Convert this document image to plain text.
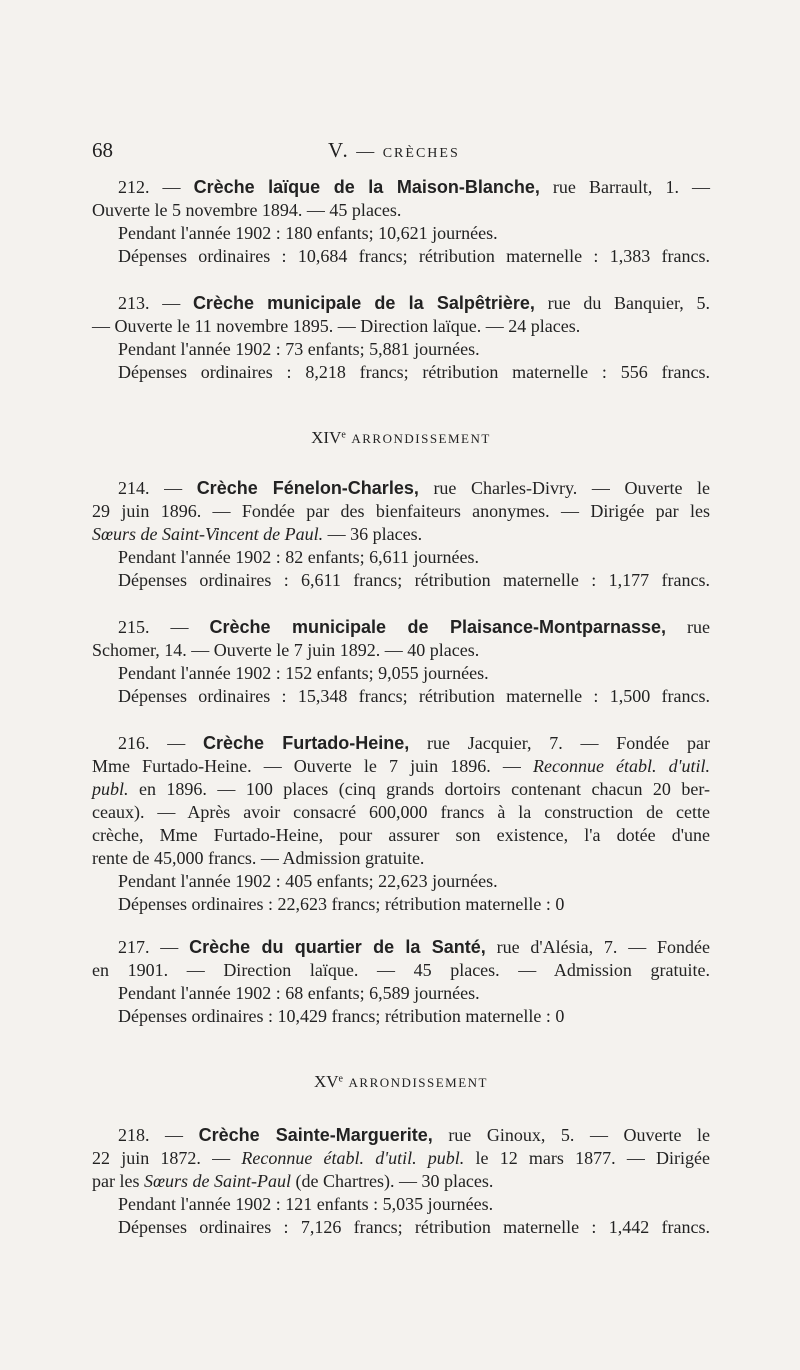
68	V. — CRÈCHES
212. — Crèche laïque de la Maison-Blanche, rue Barrault, 1. —
Ouverte le 5 novembre 1894. — 45 places.
Pendant l'année 1902 : 180 enfants; 10,621 journées.
Dépenses ordinaires : 10,684 francs; rétribution maternelle : 1,383 francs.
213. — Crèche municipale de la Salpêtrière, rue du Banquier, 5.
— Ouverte le 11 novembre 1895. — Direction laïque. — 24 places.
Pendant l'année 1902 : 73 enfants; 5,881 journées.
Dépenses ordinaires : 8,218 francs; rétribution maternelle : 556 francs.
XIVe ARRONDISSEMENT
214. — Crèche Fénelon-Charles, rue Charles-Divry. — Ouverte le
29 juin 1896. — Fondée par des bienfaiteurs anonymes. — Dirigée par les
Sœurs de Saint-Vincent de Paul. — 36 places.
Pendant l'année 1902 : 82 enfants; 6,611 journées.
Dépenses ordinaires : 6,611 francs; rétribution maternelle : 1,177 francs.
215. — Crèche municipale de Plaisance-Montparnasse, rue
Schomer, 14. — Ouverte le 7 juin 1892. — 40 places.
Pendant l'année 1902 : 152 enfants; 9,055 journées.
Dépenses ordinaires : 15,348 francs; rétribution maternelle : 1,500 francs.
216. — Crèche Furtado-Heine, rue Jacquier, 7. — Fondée par
Mme Furtado-Heine. — Ouverte le 7 juin 1896. — Reconnue établ. d'util.
publ. en 1896. — 100 places (cinq grands dortoirs contenant chacun 20 ber-
ceaux). — Après avoir consacré 600,000 francs à la construction de cette
crèche, Mme Furtado-Heine, pour assurer son existence, l'a dotée d'une
rente de 45,000 francs. — Admission gratuite.
Pendant l'année 1902 : 405 enfants; 22,623 journées.
Dépenses ordinaires : 22,623 francs; rétribution maternelle : 0
217. — Crèche du quartier de la Santé, rue d'Alésia, 7. — Fondée
en 1901. — Direction laïque. — 45 places. — Admission gratuite.
Pendant l'année 1902 : 68 enfants; 6,589 journées.
Dépenses ordinaires : 10,429 francs; rétribution maternelle : 0
XVe ARRONDISSEMENT
218. — Crèche Sainte-Marguerite, rue Ginoux, 5. — Ouverte le
22 juin 1872. — Reconnue établ. d'util. publ. le 12 mars 1877. — Dirigée
par les Sœurs de Saint-Paul (de Chartres). — 30 places.
Pendant l'année 1902 : 121 enfants : 5,035 journées.
Dépenses ordinaires : 7,126 francs; rétribution maternelle : 1,442 francs.
